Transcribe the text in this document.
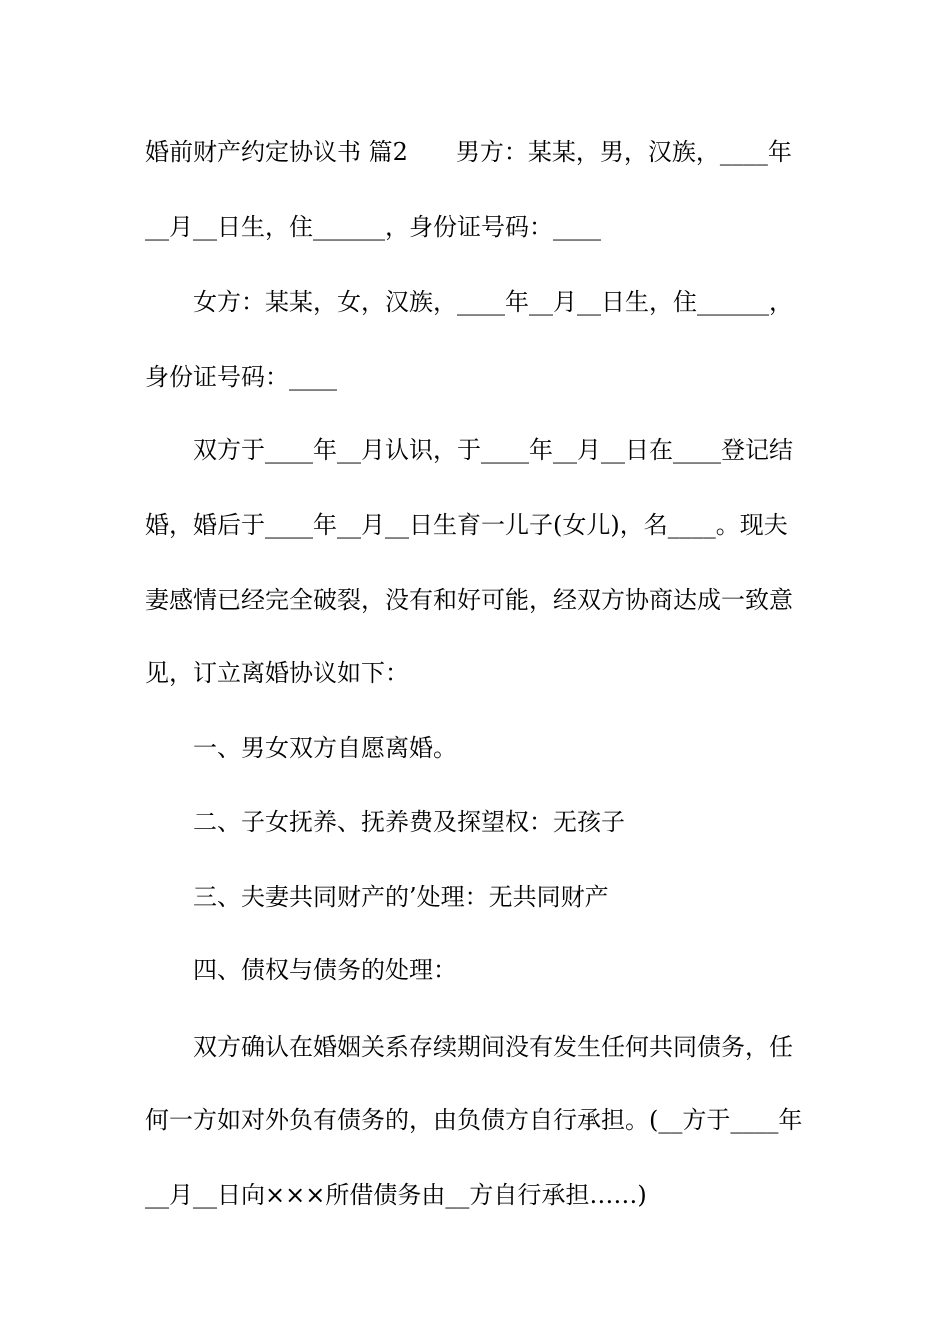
婚前财产约定协议书 篇2　　男方：某某，男，汉族，____年
__月__日生，住______，身份证号码：____
女方：某某，女，汉族，____年__月__日生，住______，
身份证号码：____
双方于____年__月认识，于____年__月__日在____登记结
婚，婚后于____年__月__日生育一儿子(女儿)，名____。现夫
妻感情已经完全破裂，没有和好可能，经双方协商达成一致意
见，订立离婚协议如下：
一、男女双方自愿离婚。
二、子女抚养、抚养费及探望权：无孩子
三、夫妻共同财产的’处理：无共同财产
四、债权与债务的处理：
双方确认在婚姻关系存续期间没有发生任何共同债务，任
何一方如对外负有债务的，由负债方自行承担。(__方于____年
__月__日向×××所借债务由__方自行承担……)
